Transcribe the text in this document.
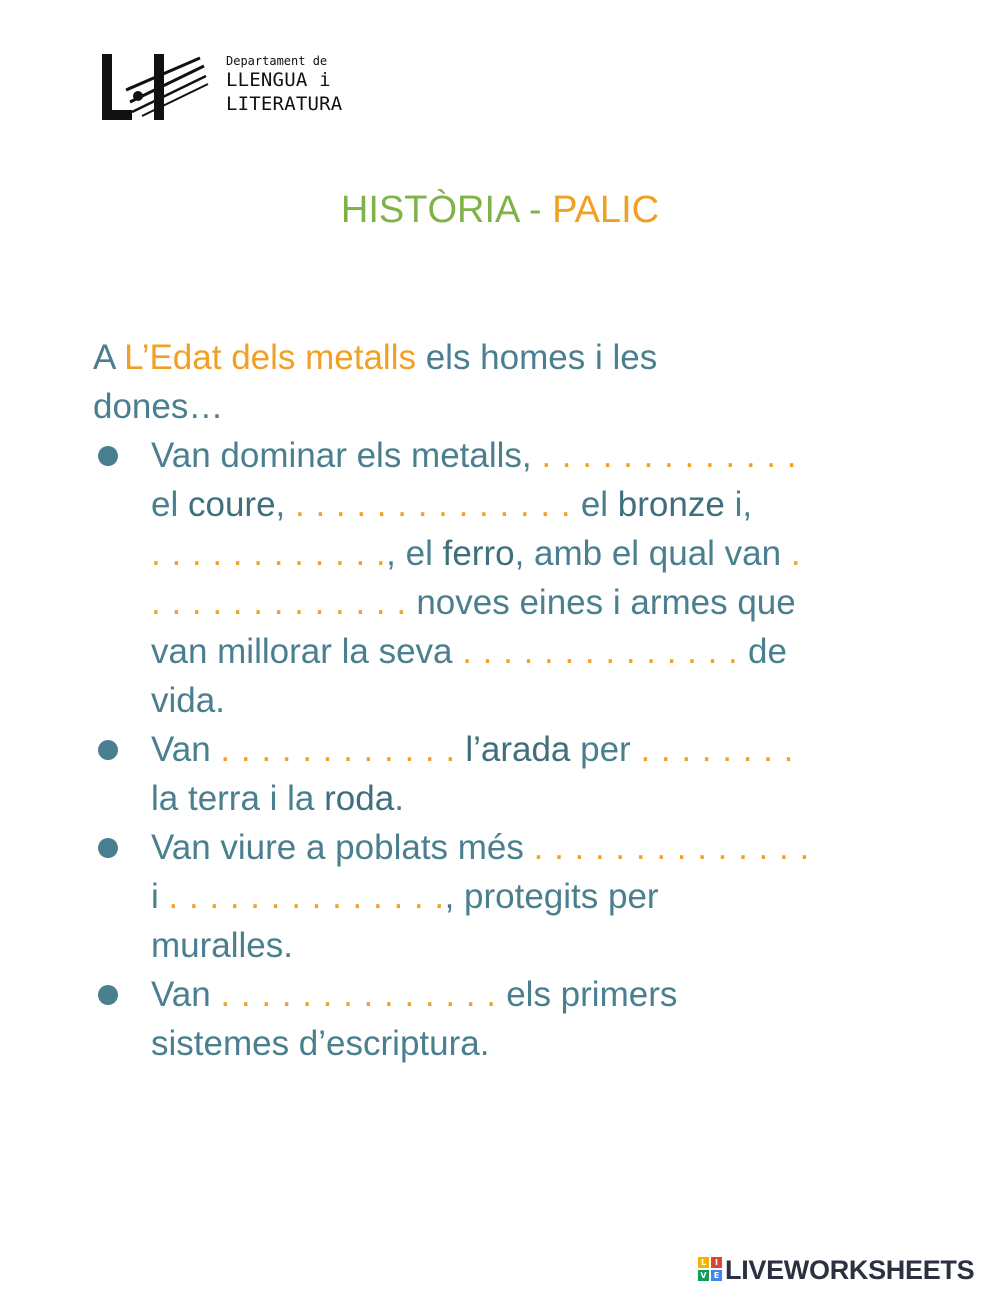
Departament de
LLENGUA i
LITERATURA
HISTÒRIA - PALIC
A L’Edat dels metalls els homes i les
dones…
Van dominar els metalls, . . . . . . . . . . . . .
el coure, . . . . . . . . . . . . . . el bronze i,
. . . . . . . . . . . ., el ferro, amb el qual van .
. . . . . . . . . . . . . noves eines i armes que
van millorar la seva . . . . . . . . . . . . . . de
vida.
Van . . . . . . . . . . . . l’arada per . . . . . . . .
la terra i la roda.
Van viure a poblats més . . . . . . . . . . . . . .
i . . . . . . . . . . . . . ., protegits per
muralles.
Van . . . . . . . . . . . . . . els primers
sistemes d’escriptura.
L	I
V E LIVEWORKSHEETS
